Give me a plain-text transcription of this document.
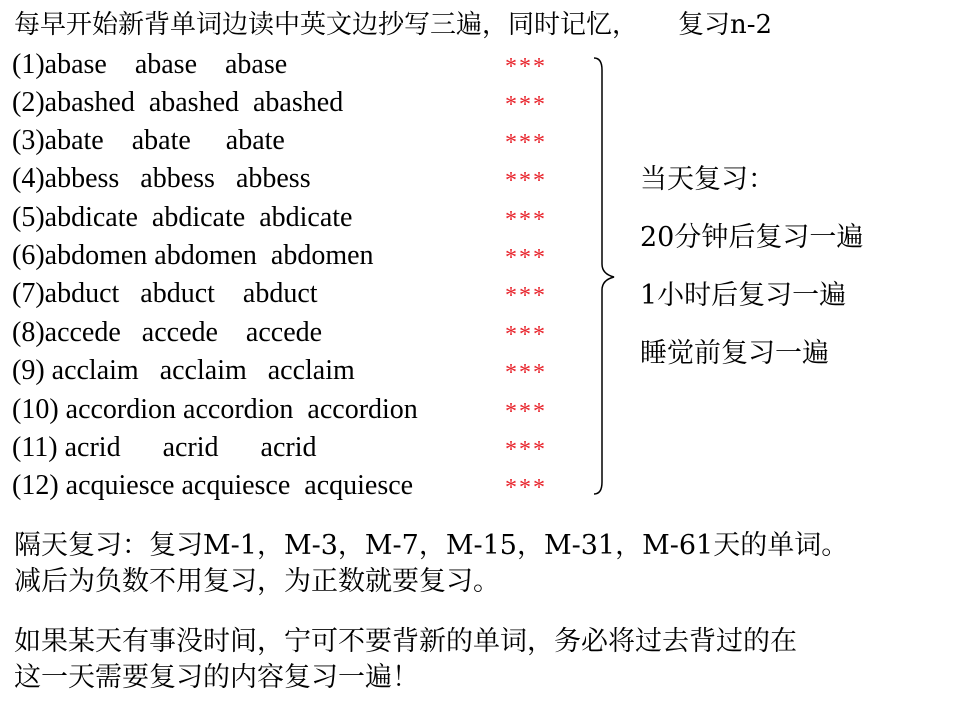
每早开始新背单词边读中英文边抄写三遍，同时记忆， 复习n-2
(1)abase    abase    abase	***
(2)abashed  abashed  abashed	***
(3)abate    abate     abate	***
(4)abbess   abbess   abbess	***
(5)abdicate  abdicate  abdicate	***
(6)abdomen abdomen  abdomen	***
(7)abduct   abduct    abduct	***
(8)accede   accede    accede	***
(9) acclaim   acclaim   acclaim	***
(10) accordion accordion  accordion	***
(11) acrid      acrid      acrid	***
(12) acquiesce acquiesce  acquiesce	***
当天复习：
20分钟后复习一遍
1小时后复习一遍
睡觉前复习一遍
隔天复习：复习M-1，M-3，M-7，M-15，M-31，M-61天的单词。
减后为负数不用复习，为正数就要复习。
如果某天有事没时间，宁可不要背新的单词，务必将过去背过的在
这一天需要复习的内容复习一遍！
